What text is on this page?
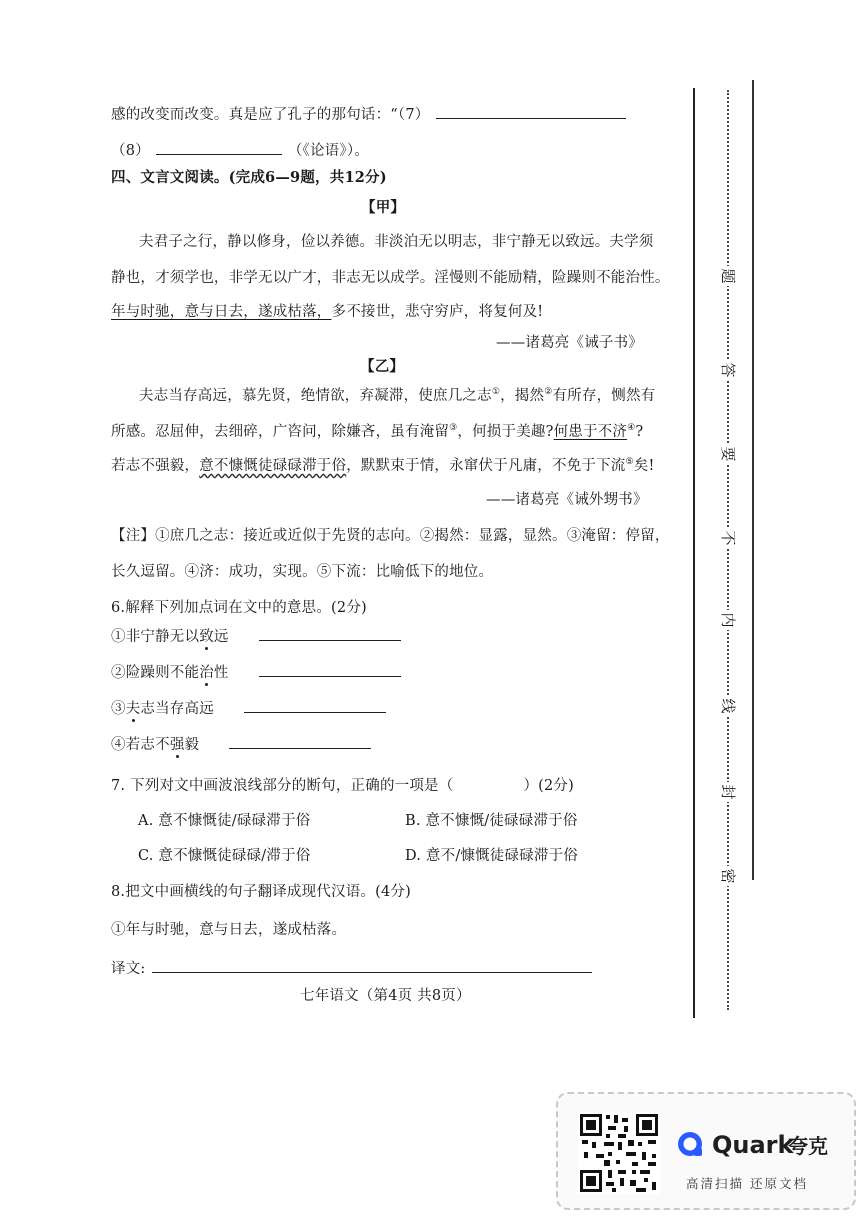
感的改变而改变。真是应了孔子的那句话：“（7）
（8）	（《论语》）。
四、文言文阅读。(完成6—9题，共12分)
【甲】
夫君子之行，静以修身，俭以养德。非淡泊无以明志，非宁静无以致远。夫学须
静也，才须学也，非学无以广才，非志无以成学。淫慢则不能励精，险躁则不能治性。
年与时驰，意与日去，遂成枯落，多不接世，悲守穷庐，将复何及!
——诸葛亮《诫子书》
【乙】
夫志当存高远，慕先贤，绝情欲，弃凝滞，使庶几之志①，揭然②有所存，恻然有
所感。忍屈伸，去细碎，广咨问，除嫌吝，虽有淹留③，何损于美趣?何患于不济④?
若志不强毅，意不慷慨徒碌碌滞于俗，默默束于情，永窜伏于凡庸，不免于下流⑤矣!
——诸葛亮《诫外甥书》
【注】①庶几之志：接近或近似于先贤的志向。②揭然：显露，显然。③淹留：停留，
长久逗留。④济：成功，实现。⑤下流：比喻低下的地位。
6.解释下列加点词在文中的意思。(2分)
①非宁静无以致远
②险躁则不能治性
③夫志当存高远
④若志不强毅
7. 下列对文中画波浪线部分的断句，正确的一项是（	）(2分)
A. 意不慷慨徒/碌碌滞于俗	B. 意不慷慨/徒碌碌滞于俗
C. 意不慷慨徒碌碌/滞于俗	D. 意不/慷慨徒碌碌滞于俗
8.把文中画横线的句子翻译成现代汉语。(4分)
①年与时驰，意与日去，遂成枯落。
译文:
七年语文（第4页 共8页）
题
答
要
不
内
线
封
密
Quark
夸克
高清扫描 还原文档
